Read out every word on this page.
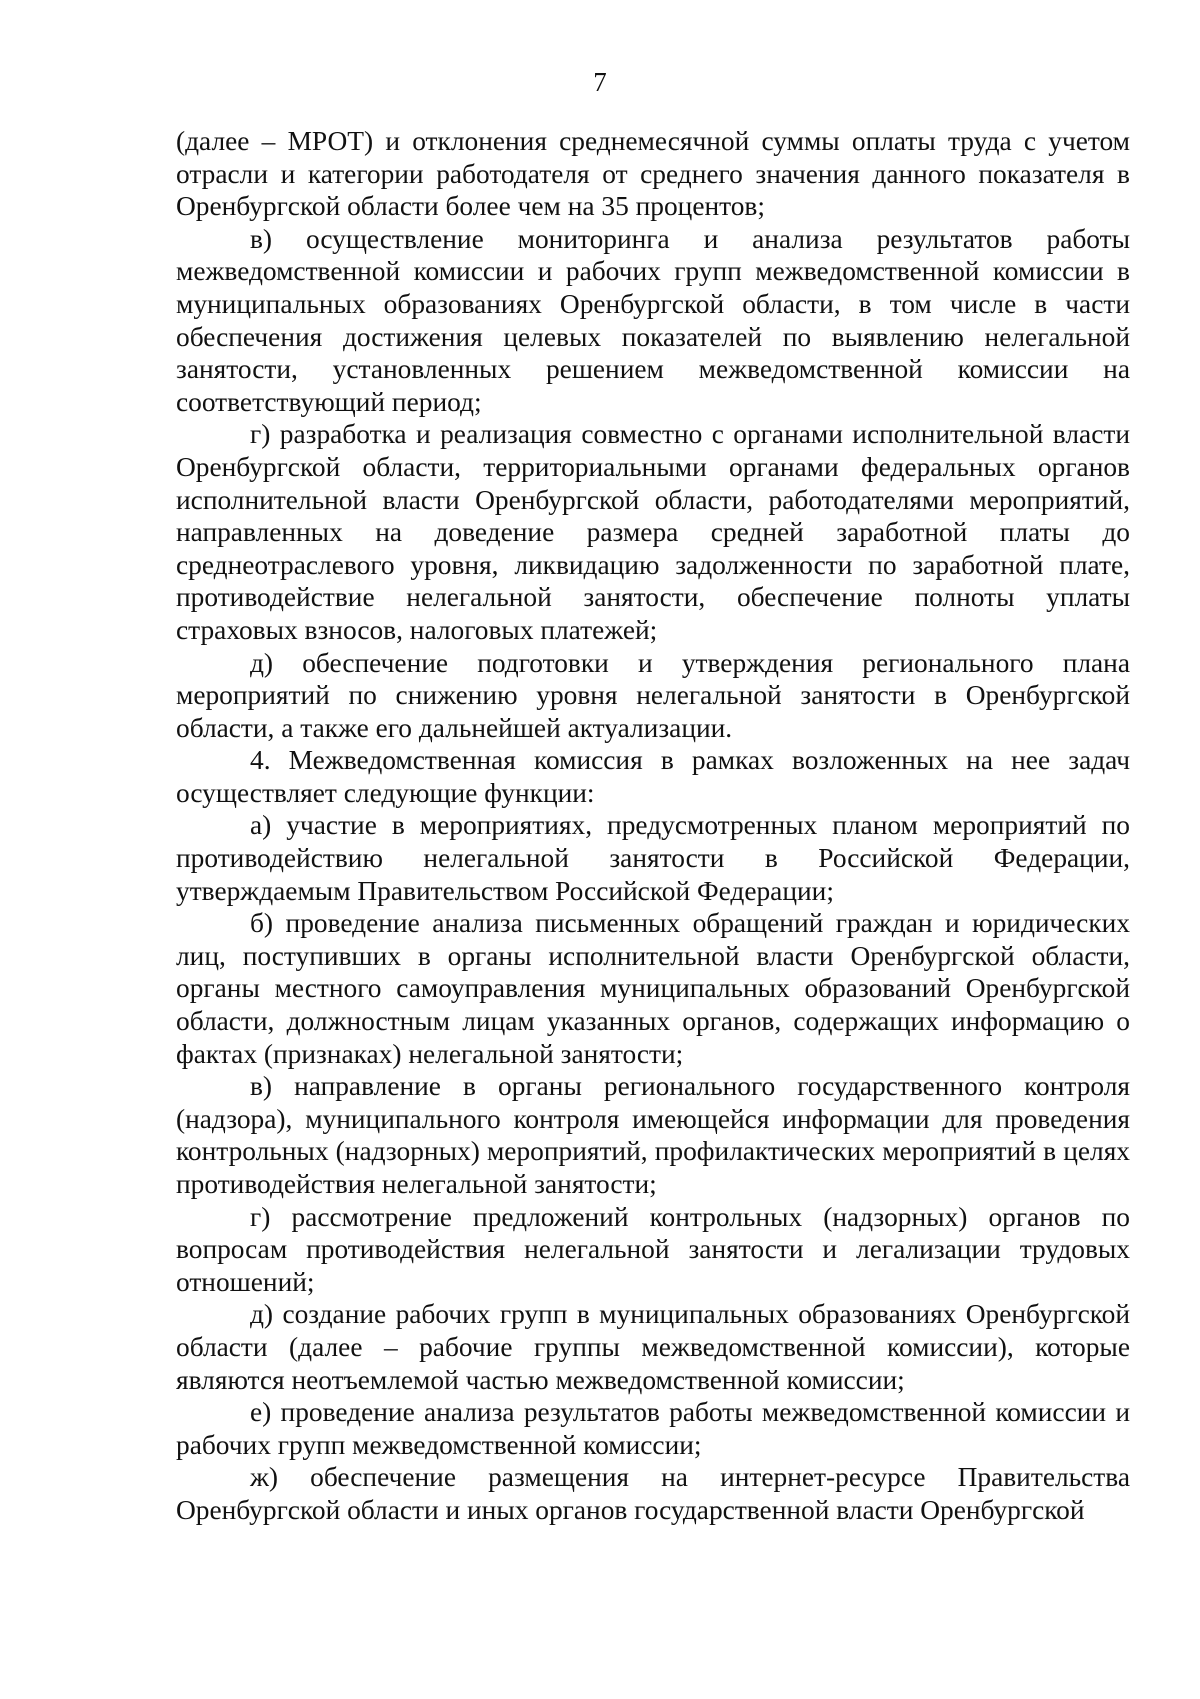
7

(далее – МРОТ) и отклонения среднемесячной суммы оплаты труда с учетом отрасли и категории работодателя от среднего значения данного показателя в Оренбургской области более чем на 35 процентов;

в) осуществление мониторинга и анализа результатов работы межведомственной комиссии и рабочих групп межведомственной комиссии в муниципальных образованиях Оренбургской области, в том числе в части обеспечения достижения целевых показателей по выявлению нелегальной занятости, установленных решением межведомственной комиссии на соответствующий период;

г) разработка и реализация совместно с органами исполнительной власти Оренбургской области, территориальными органами федеральных органов исполнительной власти Оренбургской области, работодателями мероприятий, направленных на доведение размера средней заработной платы до среднеотраслевого уровня, ликвидацию задолженности по заработной плате, противодействие нелегальной занятости, обеспечение полноты уплаты страховых взносов, налоговых платежей;

д) обеспечение подготовки и утверждения регионального плана мероприятий по снижению уровня нелегальной занятости в Оренбургской области, а также его дальнейшей актуализации.

4. Межведомственная комиссия в рамках возложенных на нее задач осуществляет следующие функции:

а) участие в мероприятиях, предусмотренных планом мероприятий по противодействию нелегальной занятости в Российской Федерации, утверждаемым Правительством Российской Федерации;

б) проведение анализа письменных обращений граждан и юридических лиц, поступивших в органы исполнительной власти Оренбургской области, органы местного самоуправления муниципальных образований Оренбургской области, должностным лицам указанных органов, содержащих информацию о фактах (признаках) нелегальной занятости;

в) направление в органы регионального государственного контроля (надзора), муниципального контроля имеющейся информации для проведения контрольных (надзорных) мероприятий, профилактических мероприятий в целях противодействия нелегальной занятости;

г) рассмотрение предложений контрольных (надзорных) органов по вопросам противодействия нелегальной занятости и легализации трудовых отношений;

д) создание рабочих групп в муниципальных образованиях Оренбургской области (далее – рабочие группы межведомственной комиссии), которые являются неотъемлемой частью межведомственной комиссии;

е) проведение анализа результатов работы межведомственной комиссии и рабочих групп межведомственной комиссии;

ж) обеспечение размещения на интернет-ресурсе Правительства Оренбургской области и иных органов государственной власти Оренбургской
